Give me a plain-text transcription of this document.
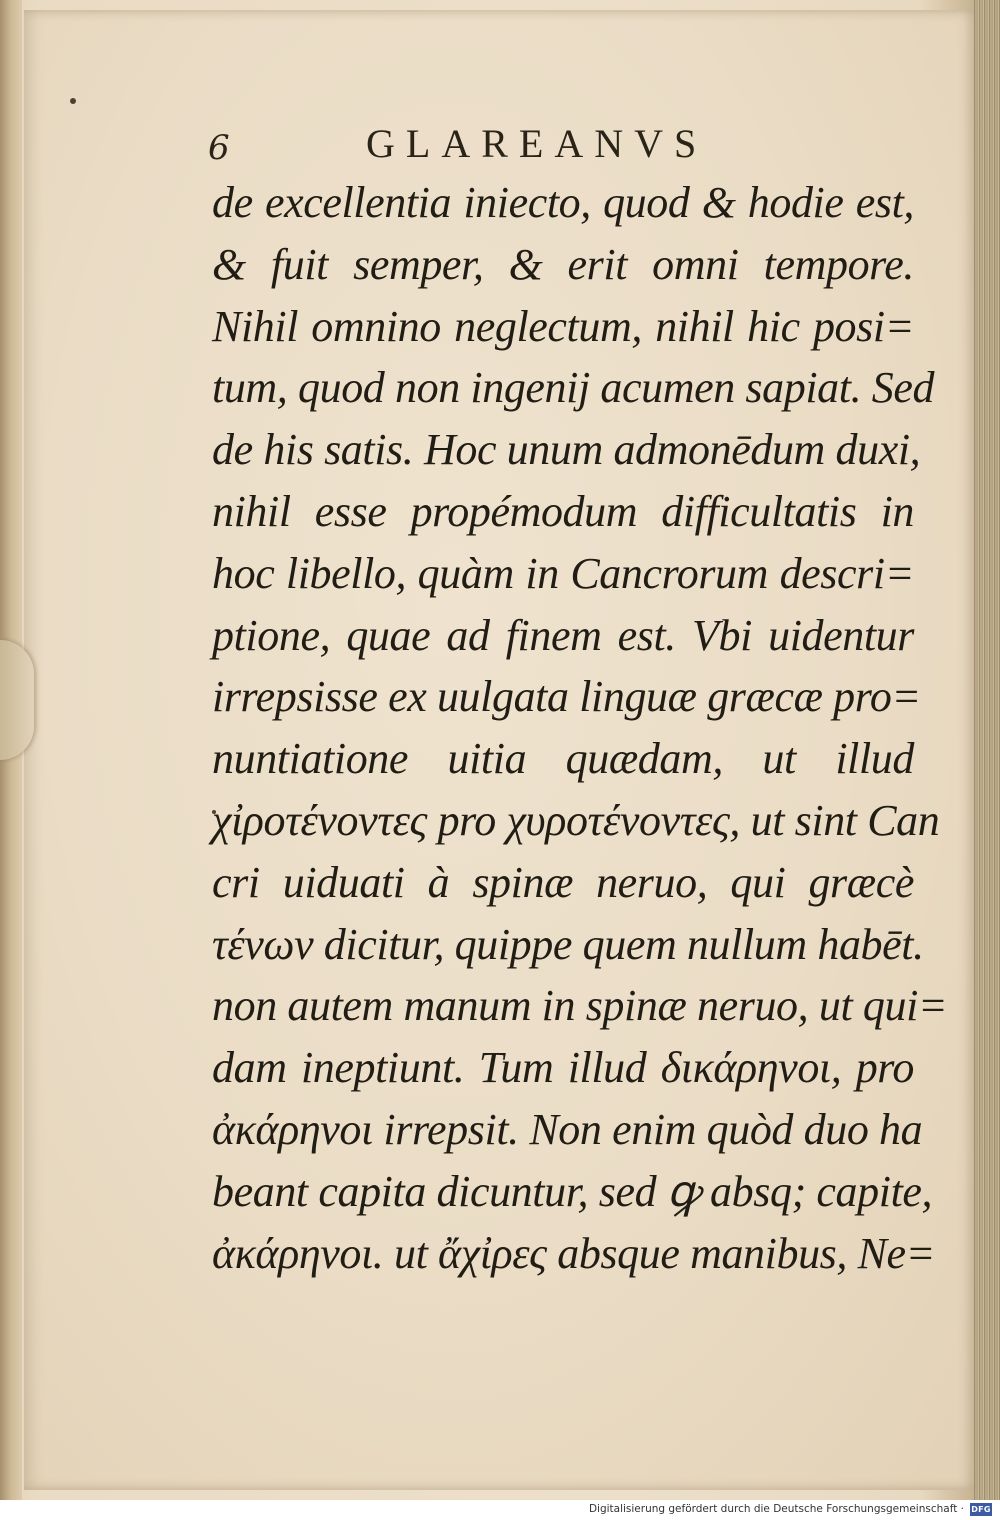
6	GLAREANVS
de excellentia iniecto, quod & hodie est,
& fuit semper, & erit omni tempore.
Nihil omnino neglectum, nihil hic posi=
tum, quod non ingenij acumen sapiat. Sed
de his satis. Hoc unum admonēdum duxi,
nihil esse propémodum difficultatis in
hoc libello, quàm in Cancrorum descri=
ptione, quae ad finem est. Vbi uidentur
irrepsisse ex uulgata linguæ græcæ pro=
nuntiatione uitia quædam, ut illud
χἰροτένοντες pro χυροτένοντες, ut sint Can
cri uiduati à spinæ neruo, qui græcè
τένων dicitur, quippe quem nullum habēt.
non autem manum in spinæ neruo, ut qui=
dam ineptiunt. Tum illud δικάρηνοι, pro
ἀκάρηνοι irrepsit. Non enim quòd duo ha
beant capita dicuntur, sed ꝙ absq; capite,
ἀκάρηνοι. ut ἄχἰρες absque manibus, Ne=
Digitalisierung gefördert durch die Deutsche Forschungsgemeinschaft · DFG
